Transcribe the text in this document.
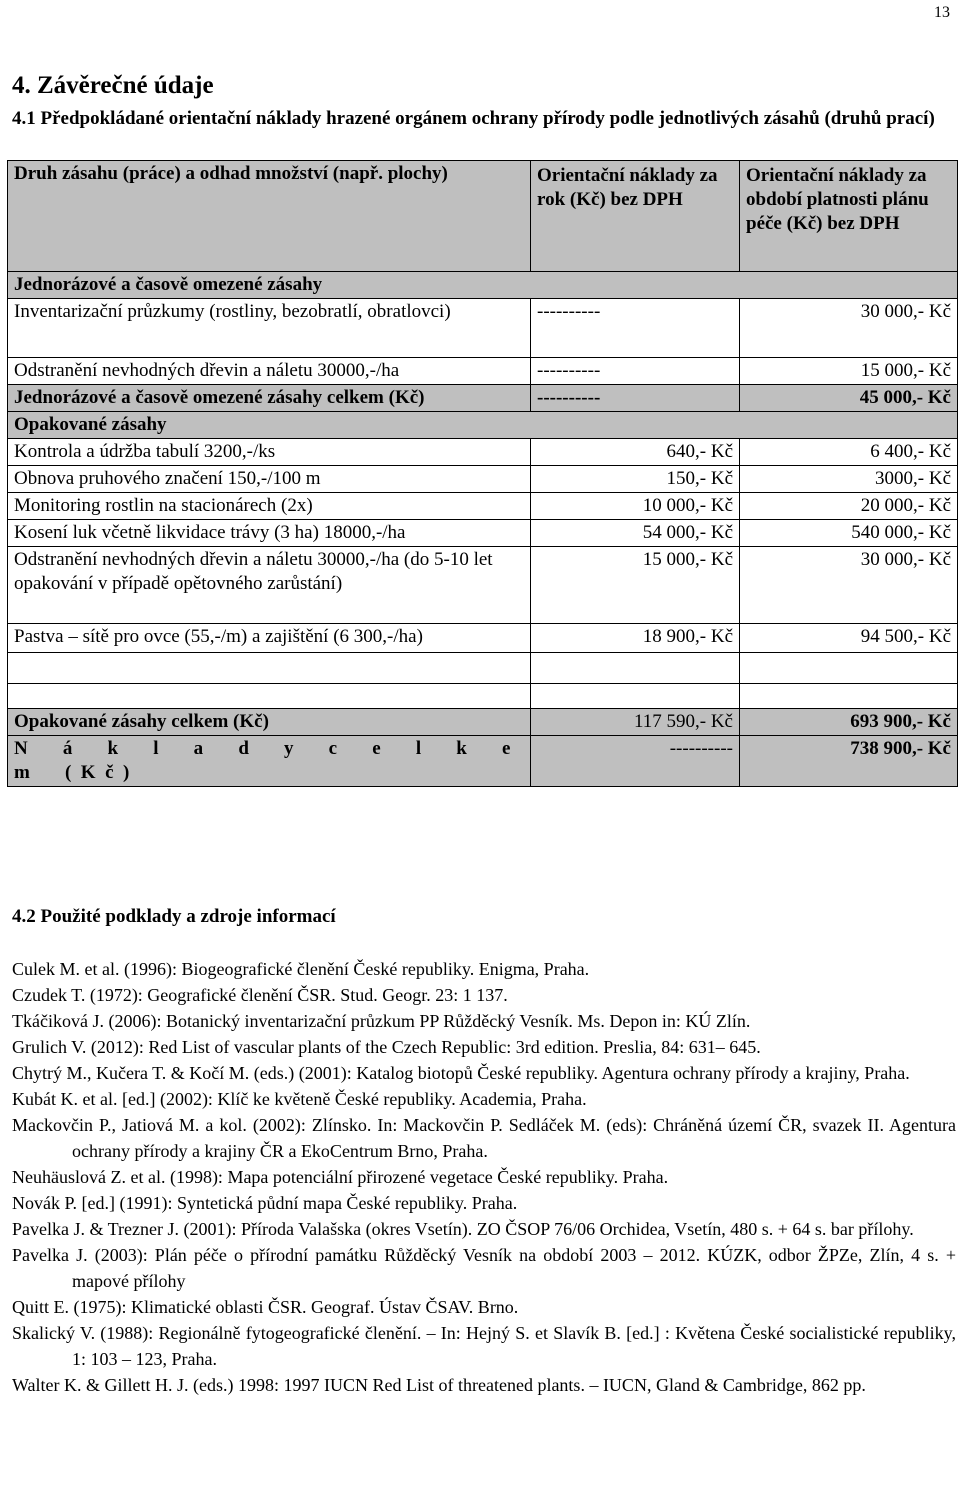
13
4. Závěrečné údaje

4.1 Předpokládané orientační náklady hrazené orgánem ochrany přírody podle jednotlivých zásahů (druhů prací)

Druh zásahu (práce) a odhad množství (např. plochy)	Orientační náklady za rok (Kč) bez DPH	Orientační náklady za období platnosti plánu péče (Kč) bez DPH
Jednorázové a časově omezené zásahy		
Inventarizační průzkumy (rostliny, bezobratlí, obratlovci)	----------	30 000,- Kč
Odstranění nevhodných dřevin a náletu 30000,-/ha	----------	15 000,- Kč
Jednorázové a časově omezené zásahy celkem (Kč)	----------	45 000,- Kč
Opakované zásahy		
Kontrola a údržba tabulí 3200,-/ks	640,- Kč	6 400,- Kč
Obnova pruhového značení 150,-/100 m	150,- Kč	3000,- Kč
Monitoring rostlin na stacionárech (2x)	10 000,- Kč	20 000,- Kč
Kosení luk včetně likvidace trávy (3 ha) 18000,-/ha	54 000,- Kč	540 000,- Kč
Odstranění nevhodných dřevin a náletu 30000,-/ha (do 5-10 let opakování v případě opětovného zarůstání)	15 000,- Kč	30 000,- Kč
Pastva – sítě pro ovce (55,-/m) a zajištění (6 300,-/ha)	18 900,- Kč	94 500,- Kč

Opakované zásahy celkem (Kč)	117 590,- Kč	693 900,- Kč
N á k l a d y c e l k e m (Kč)	----------	738 900,- Kč
4.2 Použité podklady a zdroje informací
Culek M. et al. (1996): Biogeografické členění České republiky. Enigma, Praha.
Czudek T. (1972): Geografické členění ČSR. Stud. Geogr. 23: 1 137.
Tkáčiková J. (2006): Botanický inventarizační průzkum PP Růžděcký Vesník. Ms. Depon in: KÚ Zlín.
Grulich V. (2012): Red List of vascular plants of the Czech Republic: 3rd edition. Preslia, 84: 631– 645.
Chytrý M., Kučera T. & Kočí M. (eds.) (2001): Katalog biotopů České republiky. Agentura ochrany přírody a krajiny, Praha.
Kubát K. et al. [ed.] (2002): Klíč ke květeně České republiky. Academia, Praha.
Mackovčin P., Jatiová M. a kol. (2002): Zlínsko. In: Mackovčin P. Sedláček M. (eds): Chráněná území ČR, svazek II. Agentura ochrany přírody a krajiny ČR a EkoCentrum Brno, Praha.
Neuhäuslová Z. et al. (1998): Mapa potenciální přirozené vegetace České republiky. Praha.
Novák P. [ed.] (1991): Syntetická půdní mapa České republiky. Praha.
Pavelka J. & Trezner J. (2001): Příroda Valašska (okres Vsetín). ZO ČSOP 76/06 Orchidea, Vsetín, 480 s. + 64 s. bar přílohy.
Pavelka J. (2003): Plán péče o přírodní památku Růžděcký Vesník na období 2003 – 2012. KÚZK, odbor ŽPZe, Zlín, 4 s. + mapové přílohy
Quitt E. (1975): Klimatické oblasti ČSR. Geograf. Ústav ČSAV. Brno.
Skalický V. (1988): Regionálně fytogeografické členění. – In: Hejný S. et Slavík B. [ed.] : Květena České socialistické republiky, 1: 103 – 123, Praha.
Walter K. & Gillett H. J. (eds.) 1998: 1997 IUCN Red List of threatened plants. – IUCN, Gland & Cambridge, 862 pp.
